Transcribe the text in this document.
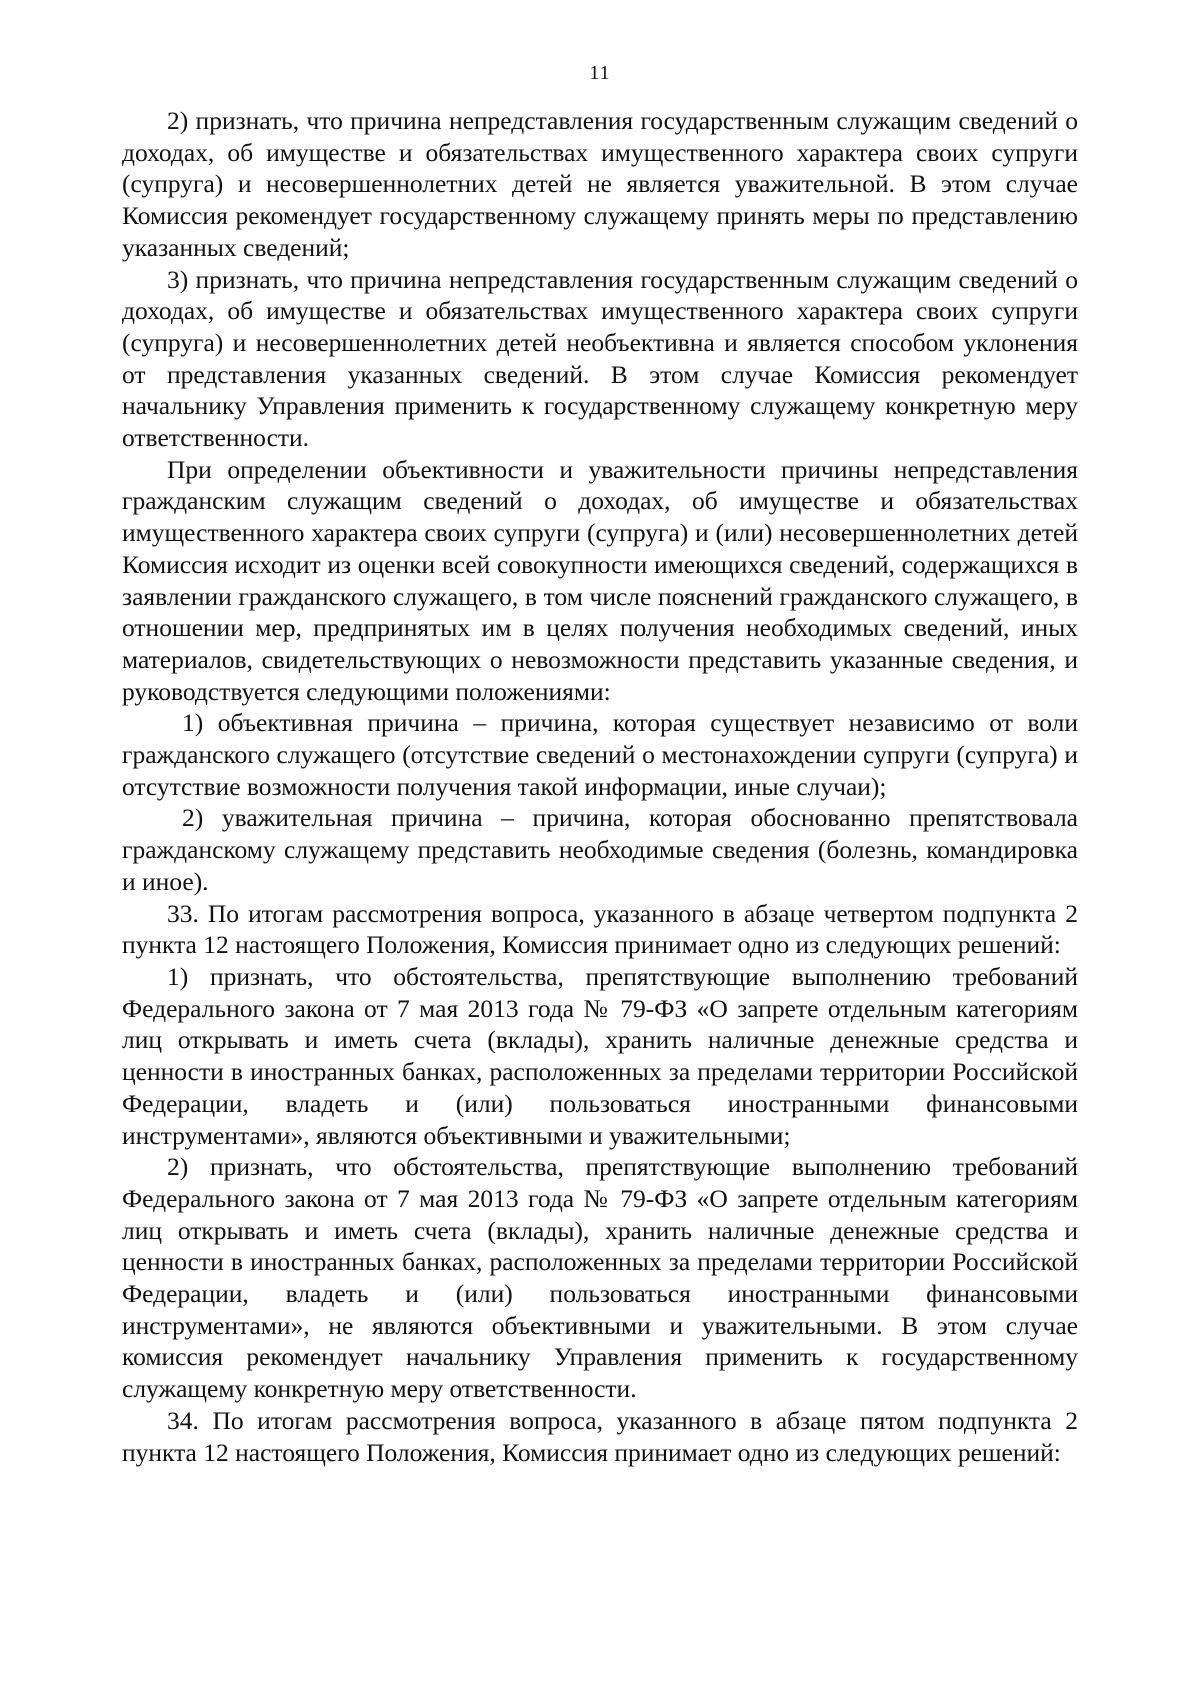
11

2) признать, что причина непредставления государственным служащим сведений о доходах, об имуществе и обязательствах имущественного характера своих супруги (супруга) и несовершеннолетних детей не является уважительной. В этом случае Комиссия рекомендует государственному служащему принять меры по представлению указанных сведений;

3) признать, что причина непредставления государственным служащим сведений о доходах, об имуществе и обязательствах имущественного характера своих супруги (супруга) и несовершеннолетних детей необъективна и является способом уклонения от представления указанных сведений. В этом случае Комиссия рекомендует начальнику Управления применить к государственному служащему конкретную меру ответственности.

При определении объективности и уважительности причины непредставления гражданским служащим сведений о доходах, об имуществе и обязательствах имущественного характера своих супруги (супруга) и (или) несовершеннолетних детей Комиссия исходит из оценки всей совокупности имеющихся сведений, содержащихся в заявлении гражданского служащего, в том числе пояснений гражданского служащего, в отношении мер, предпринятых им в целях получения необходимых сведений, иных материалов, свидетельствующих о невозможности представить указанные сведения, и руководствуется следующими положениями:

1) объективная причина – причина, которая существует независимо от воли гражданского служащего (отсутствие сведений о местонахождении супруги (супруга) и отсутствие возможности получения такой информации, иные случаи);

2) уважительная причина – причина, которая обоснованно препятствовала гражданскому служащему представить необходимые сведения (болезнь, командировка и иное).

33. По итогам рассмотрения вопроса, указанного в абзаце четвертом подпункта 2 пункта 12 настоящего Положения, Комиссия принимает одно из следующих решений:

1) признать, что обстоятельства, препятствующие выполнению требований Федерального закона от 7 мая 2013 года № 79-ФЗ «О запрете отдельным категориям лиц открывать и иметь счета (вклады), хранить наличные денежные средства и ценности в иностранных банках, расположенных за пределами территории Российской Федерации, владеть и (или) пользоваться иностранными финансовыми инструментами», являются объективными и уважительными;

2) признать, что обстоятельства, препятствующие выполнению требований Федерального закона от 7 мая 2013 года № 79-ФЗ «О запрете отдельным категориям лиц открывать и иметь счета (вклады), хранить наличные денежные средства и ценности в иностранных банках, расположенных за пределами территории Российской Федерации, владеть и (или) пользоваться иностранными финансовыми инструментами», не являются объективными и уважительными. В этом случае комиссия рекомендует начальнику Управления применить к государственному служащему конкретную меру ответственности.

34. По итогам рассмотрения вопроса, указанного в абзаце пятом подпункта 2 пункта 12 настоящего Положения, Комиссия принимает одно из следующих решений:
